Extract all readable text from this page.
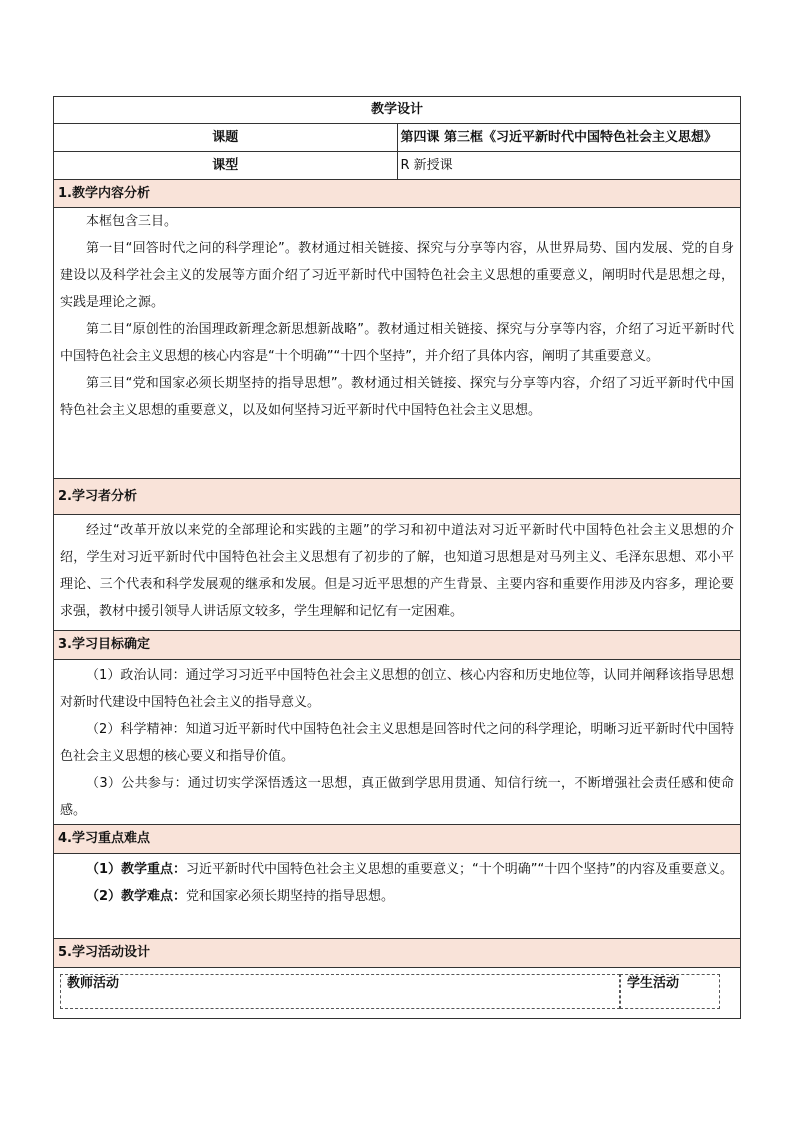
教学设计	
课题	第四课 第三框《习近平新时代中国特色社会主义思想》
课型	R 新授课
1.教学内容分析	

本框包含三目。

第一目“回答时代之问的科学理论”。教材通过相关链接、探究与分享等内容，从世界局势、国内发展、党的自身建设以及科学社会主义的发展等方面介绍了习近平新时代中国特色社会主义思想的重要意义，阐明时代是思想之母，实践是理论之源。

第二目“原创性的治国理政新理念新思想新战略”。教材通过相关链接、探究与分享等内容，介绍了习近平新时代中国特色社会主义思想的核心内容是“十个明确”“十四个坚持”，并介绍了具体内容，阐明了其重要意义。

第三目“党和国家必须长期坚持的指导思想”。教材通过相关链接、探究与分享等内容，介绍了习近平新时代中国特色社会主义思想的重要意义，以及如何坚持习近平新时代中国特色社会主义思想。	

2.学习者分析	

经过“改革开放以来党的全部理论和实践的主题”的学习和初中道法对习近平新时代中国特色社会主义思想的介绍，学生对习近平新时代中国特色社会主义思想有了初步的了解，也知道习思想是对马列主义、毛泽东思想、邓小平理论、三个代表和科学发展观的继承和发展。但是习近平思想的产生背景、主要内容和重要作用涉及内容多，理论要求强，教材中援引领导人讲话原文较多，学生理解和记忆有一定困难。	

3.学习目标确定	

（1）政治认同：通过学习习近平中国特色社会主义思想的创立、核心内容和历史地位等，认同并阐释该指导思想对新时代建设中国特色社会主义的指导意义。

（2）科学精神：知道习近平新时代中国特色社会主义思想是回答时代之问的科学理论，明晰习近平新时代中国特色社会主义思想的核心要义和指导价值。

（3）公共参与：通过切实学深悟透这一思想，真正做到学思用贯通、知信行统一，不断增强社会责任感和使命感。	

4.学习重点难点	

（1）教学重点：习近平新时代中国特色社会主义思想的重要意义；“十个明确”“十四个坚持”的内容及重要意义。

（2）教学难点：党和国家必须长期坚持的指导思想。	

5.学习活动设计	

教师活动 学生活动	
